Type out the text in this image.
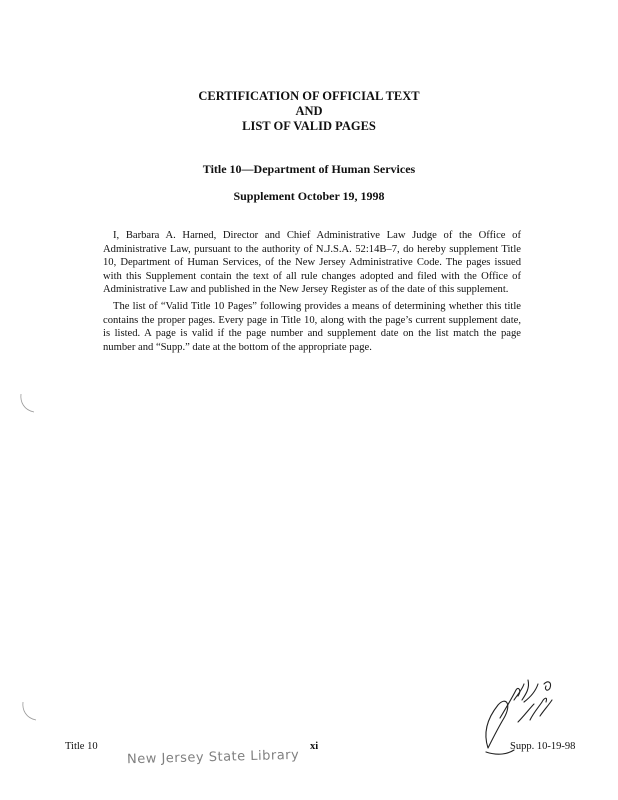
CERTIFICATION OF OFFICIAL TEXT
AND
LIST OF VALID PAGES
Title 10—Department of Human Services
Supplement October 19, 1998

I, Barbara A. Harned, Director and Chief Administrative Law Judge of the Office of Administrative Law, pursuant to the authority of N.J.S.A. 52:14B–7, do hereby supplement Title 10, Department of Human Services, of the New Jersey Administrative Code. The pages issued with this Supplement contain the text of all rule changes adopted and filed with the Office of Administrative Law and published in the New Jersey Register as of the date of this supplement.

The list of “Valid Title 10 Pages” following provides a means of determining whether this title contains the proper pages. Every page in Title 10, along with the page’s current supplement date, is listed. A page is valid if the page number and supplement date on the list match the page number and “Supp.” date at the bottom of the appropriate page.

Title 10	xi	Supp. 10-19-98
New Jersey State Library
